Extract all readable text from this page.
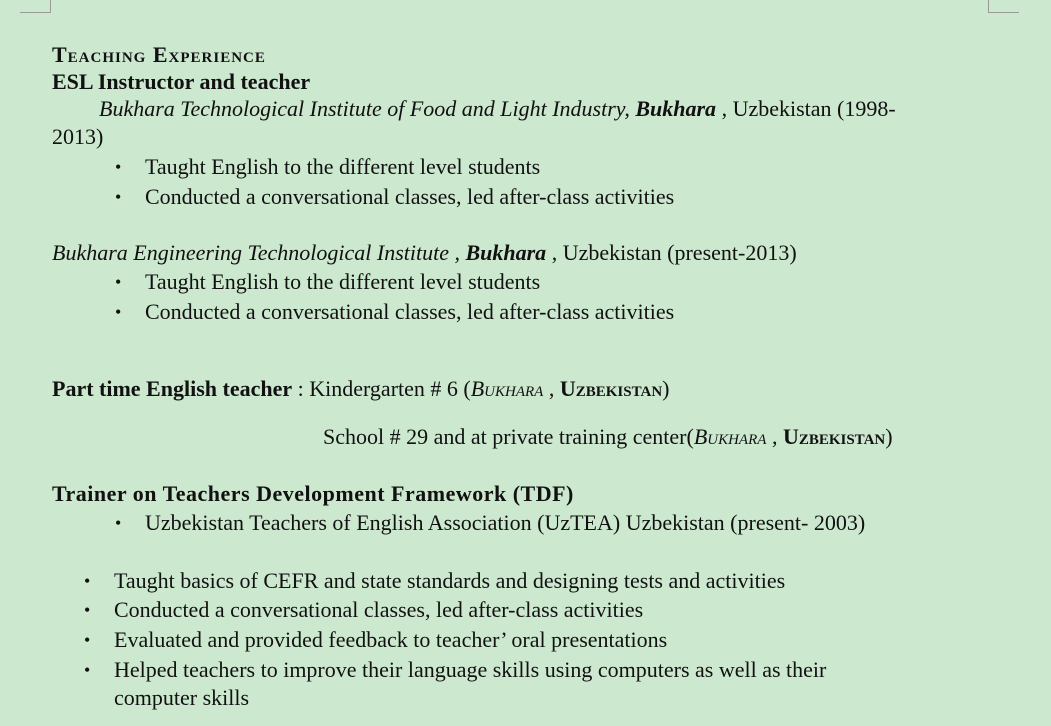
Teaching Experience
ESL Instructor and teacher
Bukhara Technological Institute of Food and Light Industry, Bukhara , Uzbekistan (1998-
2013)
• Taught English to the different level students
• Conducted a conversational classes, led after-class activities
Bukhara Engineering Technological Institute , Bukhara , Uzbekistan (present-2013)
• Taught English to the different level students
• Conducted a conversational classes, led after-class activities
Part time English teacher : Kindergarten # 6 (Bukhara , Uzbekistan)
School # 29 and at private training center(Bukhara , Uzbekistan)
Trainer on Teachers Development Framework (TDF)
• Uzbekistan Teachers of English Association (UzTEA) Uzbekistan (present- 2003)
• Taught basics of CEFR and state standards and designing tests and activities
• Conducted a conversational classes, led after-class activities
• Evaluated and provided feedback to teacher’ oral presentations
• Helped teachers to improve their language skills using computers as well as their
computer skills
